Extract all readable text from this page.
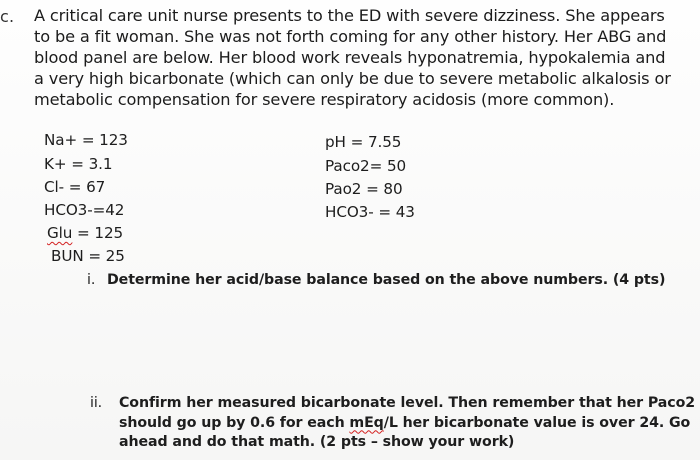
c. A critical care unit nurse presents to the ED with severe dizziness. She appears
to be a fit woman. She was not forth coming for any other history. Her ABG and
blood panel are below. Her blood work reveals hyponatremia, hypokalemia and
a very high bicarbonate (which can only be due to severe metabolic alkalosis or
metabolic compensation for severe respiratory acidosis (more common).

Na+ = 123
K+ = 3.1
Cl- = 67
HCO3-=42
Glu = 125
BUN = 25
pH = 7.55
Paco2= 50
Pao2 = 80
HCO3- = 43
i. Determine her acid/base balance based on the above numbers. (4 pts)
ii. Confirm her measured bicarbonate level. Then remember that her Paco2
should go up by 0.6 for each mEq/L her bicarbonate value is over 24. Go
ahead and do that math. (2 pts – show your work)
